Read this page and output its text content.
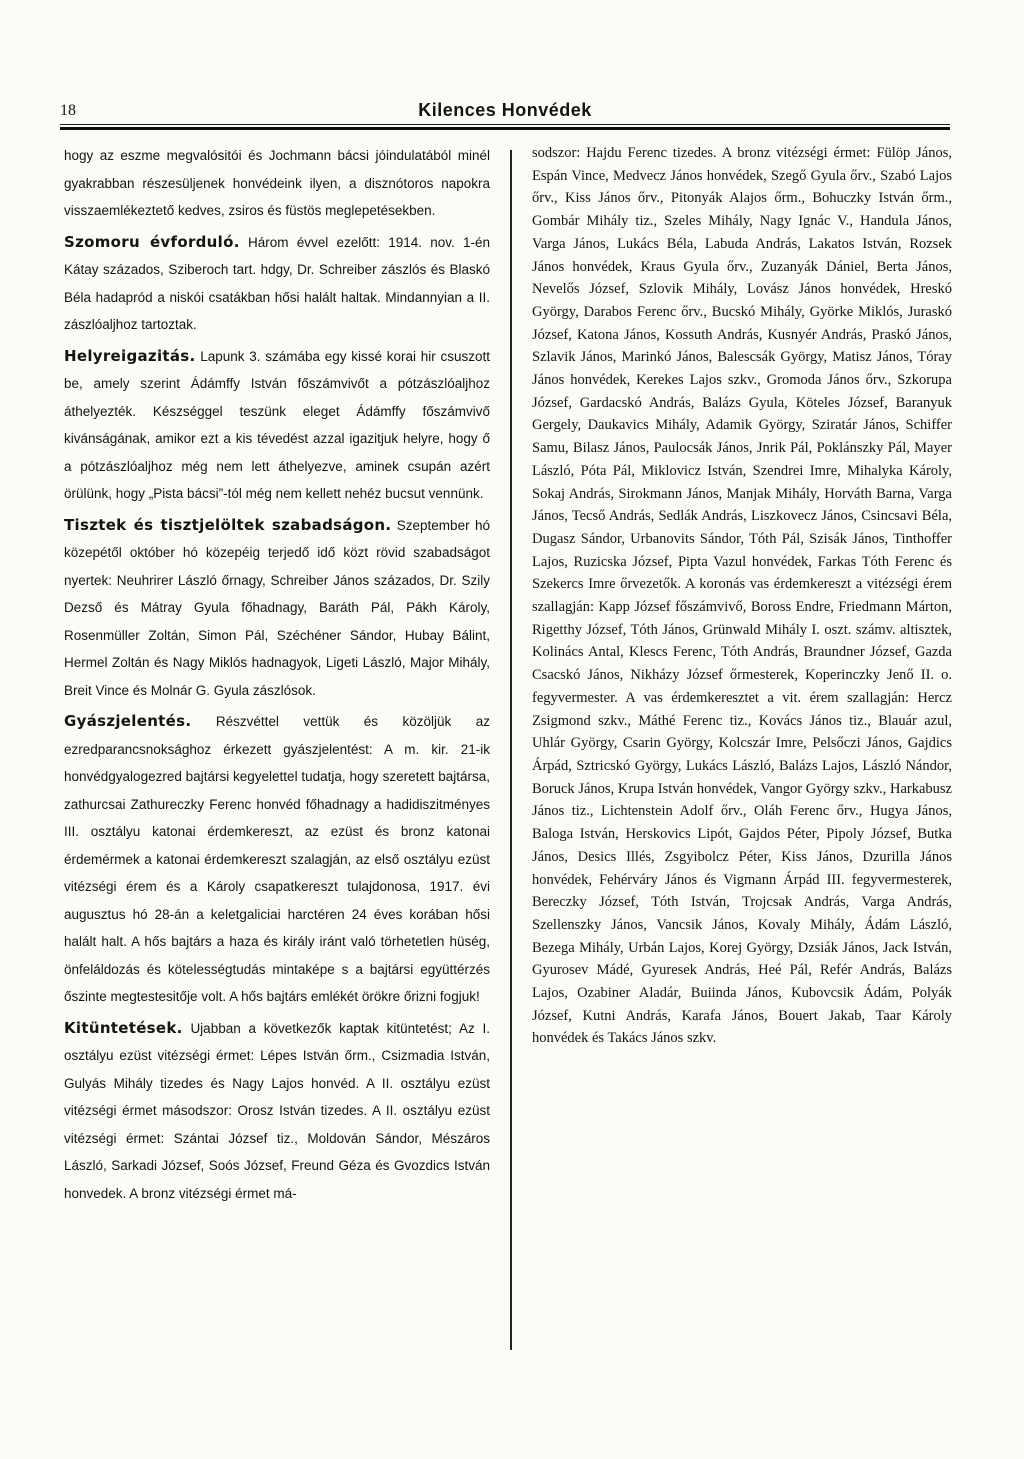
18	Kilences Honvédek

hogy az eszme megvalósitói és Jochmann bácsi jóindulatából minél gyakrabban részesüljenek honvédeink ilyen, a disznótoros napokra visszaemlékeztető kedves, zsiros és füstös meglepetésekben.

Szomoru évforduló. Három évvel ezelőtt: 1914. nov. 1-én Kátay százados, Sziberoch tart. hdgy, Dr. Schreiber zászlós és Blaskó Béla hadapród a niskói csatákban hősi halált haltak. Mindannyian a II. zászlóaljhoz tartoztak.

Helyreigazitás. Lapunk 3. számába egy kissé korai hir csuszott be, amely szerint Ádámffy István főszámvivőt a pótzászlóaljhoz áthelyezték. Készséggel teszünk eleget Ádámffy főszámvivő kivánságának, amikor ezt a kis tévedést azzal igazitjuk helyre, hogy ő a pótzászlóaljhoz még nem lett áthelyezve, aminek csupán azért örülünk, hogy „Pista bácsi”-tól még nem kellett nehéz bucsut vennünk.

Tisztek és tisztjelöltek szabadságon. Szeptember hó közepétől október hó közepéig terjedő idő közt rövid szabadságot nyertek: Neuhrirer László őrnagy, Schreiber János százados, Dr. Szily Dezső és Mátray Gyula főhadnagy, Baráth Pál, Pákh Károly, Rosenmüller Zoltán, Simon Pál, Széchéner Sándor, Hubay Bálint, Hermel Zoltán és Nagy Miklós hadnagyok, Ligeti László, Major Mihály, Breit Vince és Molnár G. Gyula zászlósok.

Gyászjelentés. Részvéttel vettük és közöljük az ezredparancsnoksághoz érkezett gyászjelentést: A m. kir. 21-ik honvédgyalogezred bajtársi kegyelettel tudatja, hogy szeretett bajtársa, zathurcsai Zathureczky Ferenc honvéd főhadnagy a hadidiszitményes III. osztályu katonai érdemkereszt, az ezüst és bronz katonai érdemérmek a katonai érdemkereszt szalagján, az első osztályu ezüst vitézségi érem és a Károly csapatkereszt tulajdonosa, 1917. évi augusztus hó 28-án a keletgaliciai harctéren 24 éves korában hősi halált halt. A hős bajtárs a haza és király iránt való törhetetlen hüség, önfeláldozás és kötelességtudás mintaképe s a bajtársi együttérzés őszinte megtestesitője volt. A hős bajtárs emlékét örökre őrizni fogjuk!

Kitüntetések. Ujabban a következők kaptak kitüntetést; Az I. osztályu ezüst vitézségi érmet: Lépes István őrm., Csizmadia István, Gulyás Mihály tizedes és Nagy Lajos honvéd. A II. osztályu ezüst vitézségi érmet másodszor: Orosz István tizedes. A II. osztályu ezüst vitézségi érmet: Szántai József tiz., Moldován Sándor, Mészáros László, Sarkadi József, Soós József, Freund Géza és Gvozdics István honvedek. A bronz vitézségi érmet má-

sodszor: Hajdu Ferenc tizedes. A bronz vitézségi érmet: Fülöp János, Espán Vince, Medvecz János honvédek, Szegő Gyula őrv., Szabó Lajos őrv., Kiss János őrv., Pitonyák Alajos őrm., Bohuczky István őrm., Gombár Mihály tiz., Szeles Mihály, Nagy Ignác V., Handula János, Varga János, Lukács Béla, Labuda András, Lakatos István, Rozsek János honvédek, Kraus Gyula őrv., Zuzanyák Dániel, Berta János, Nevelős József, Szlovik Mihály, Lovász János honvédek, Hreskó György, Darabos Ferenc őrv., Bucskó Mihály, Györke Miklós, Juraskó József, Katona János, Kossuth András, Kusnyér András, Praskó János, Szlavik János, Marinkó János, Balescsák György, Matisz János, Tóray János honvédek, Kerekes Lajos szkv., Gromoda János őrv., Szkorupa József, Gardacskó András, Balázs Gyula, Köteles József, Baranyuk Gergely, Daukavics Mihály, Adamik György, Sziratár János, Schiffer Samu, Bilasz János, Paulocsák János, Jnrik Pál, Poklánszky Pál, Mayer László, Póta Pál, Miklovicz István, Szendrei Imre, Mihalyka Károly, Sokaj András, Sirokmann János, Manjak Mihály, Horváth Barna, Varga János, Tecső András, Sedlák András, Liszkovecz János, Csincsavi Béla, Dugasz Sándor, Urbanovits Sándor, Tóth Pál, Szisák János, Tinthoffer Lajos, Ruzicska József, Pipta Vazul honvédek, Farkas Tóth Ferenc és Szekercs Imre őrvezetők. A koronás vas érdemkereszt a vitézségi érem szallagján: Kapp József főszámvivő, Boross Endre, Friedmann Márton, Rigetthy József, Tóth János, Grünwald Mihály I. oszt. számv. altisztek, Kolinács Antal, Klescs Ferenc, Tóth András, Braundner József, Gazda Csacskó János, Nikházy József őrmesterek, Koperinczky Jenő II. o. fegyvermester. A vas érdemkeresztet a vit. érem szallagján: Hercz Zsigmond szkv., Máthé Ferenc tiz., Kovács János tiz., Blauár azul, Uhlár György, Csarin György, Kolcszár Imre, Pelsőczi János, Gajdics Árpád, Sztricskó György, Lukács László, Balázs Lajos, László Nándor, Boruck János, Krupa István honvédek, Vangor György szkv., Harkabusz János tiz., Lichtenstein Adolf őrv., Oláh Ferenc őrv., Hugya János, Baloga István, Herskovics Lipót, Gajdos Péter, Pipoly József, Butka János, Desics Illés, Zsgyibolcz Péter, Kiss János, Dzurilla János honvédek, Fehérváry János és Vigmann Árpád III. fegyvermesterek, Bereczky József, Tóth István, Trojcsak András, Varga András, Szellenszky János, Vancsik János, Kovaly Mihály, Ádám László, Bezega Mihály, Urbán Lajos, Korej György, Dzsiák János, Jack István, Gyurosev Mádé, Gyuresek András, Heé Pál, Refér András, Balázs Lajos, Ozabiner Aladár, Buiinda János, Kubovcsik Ádám, Polyák József, Kutni András, Karafa János, Bouert Jakab, Taar Károly honvédek és Takács János szkv.
